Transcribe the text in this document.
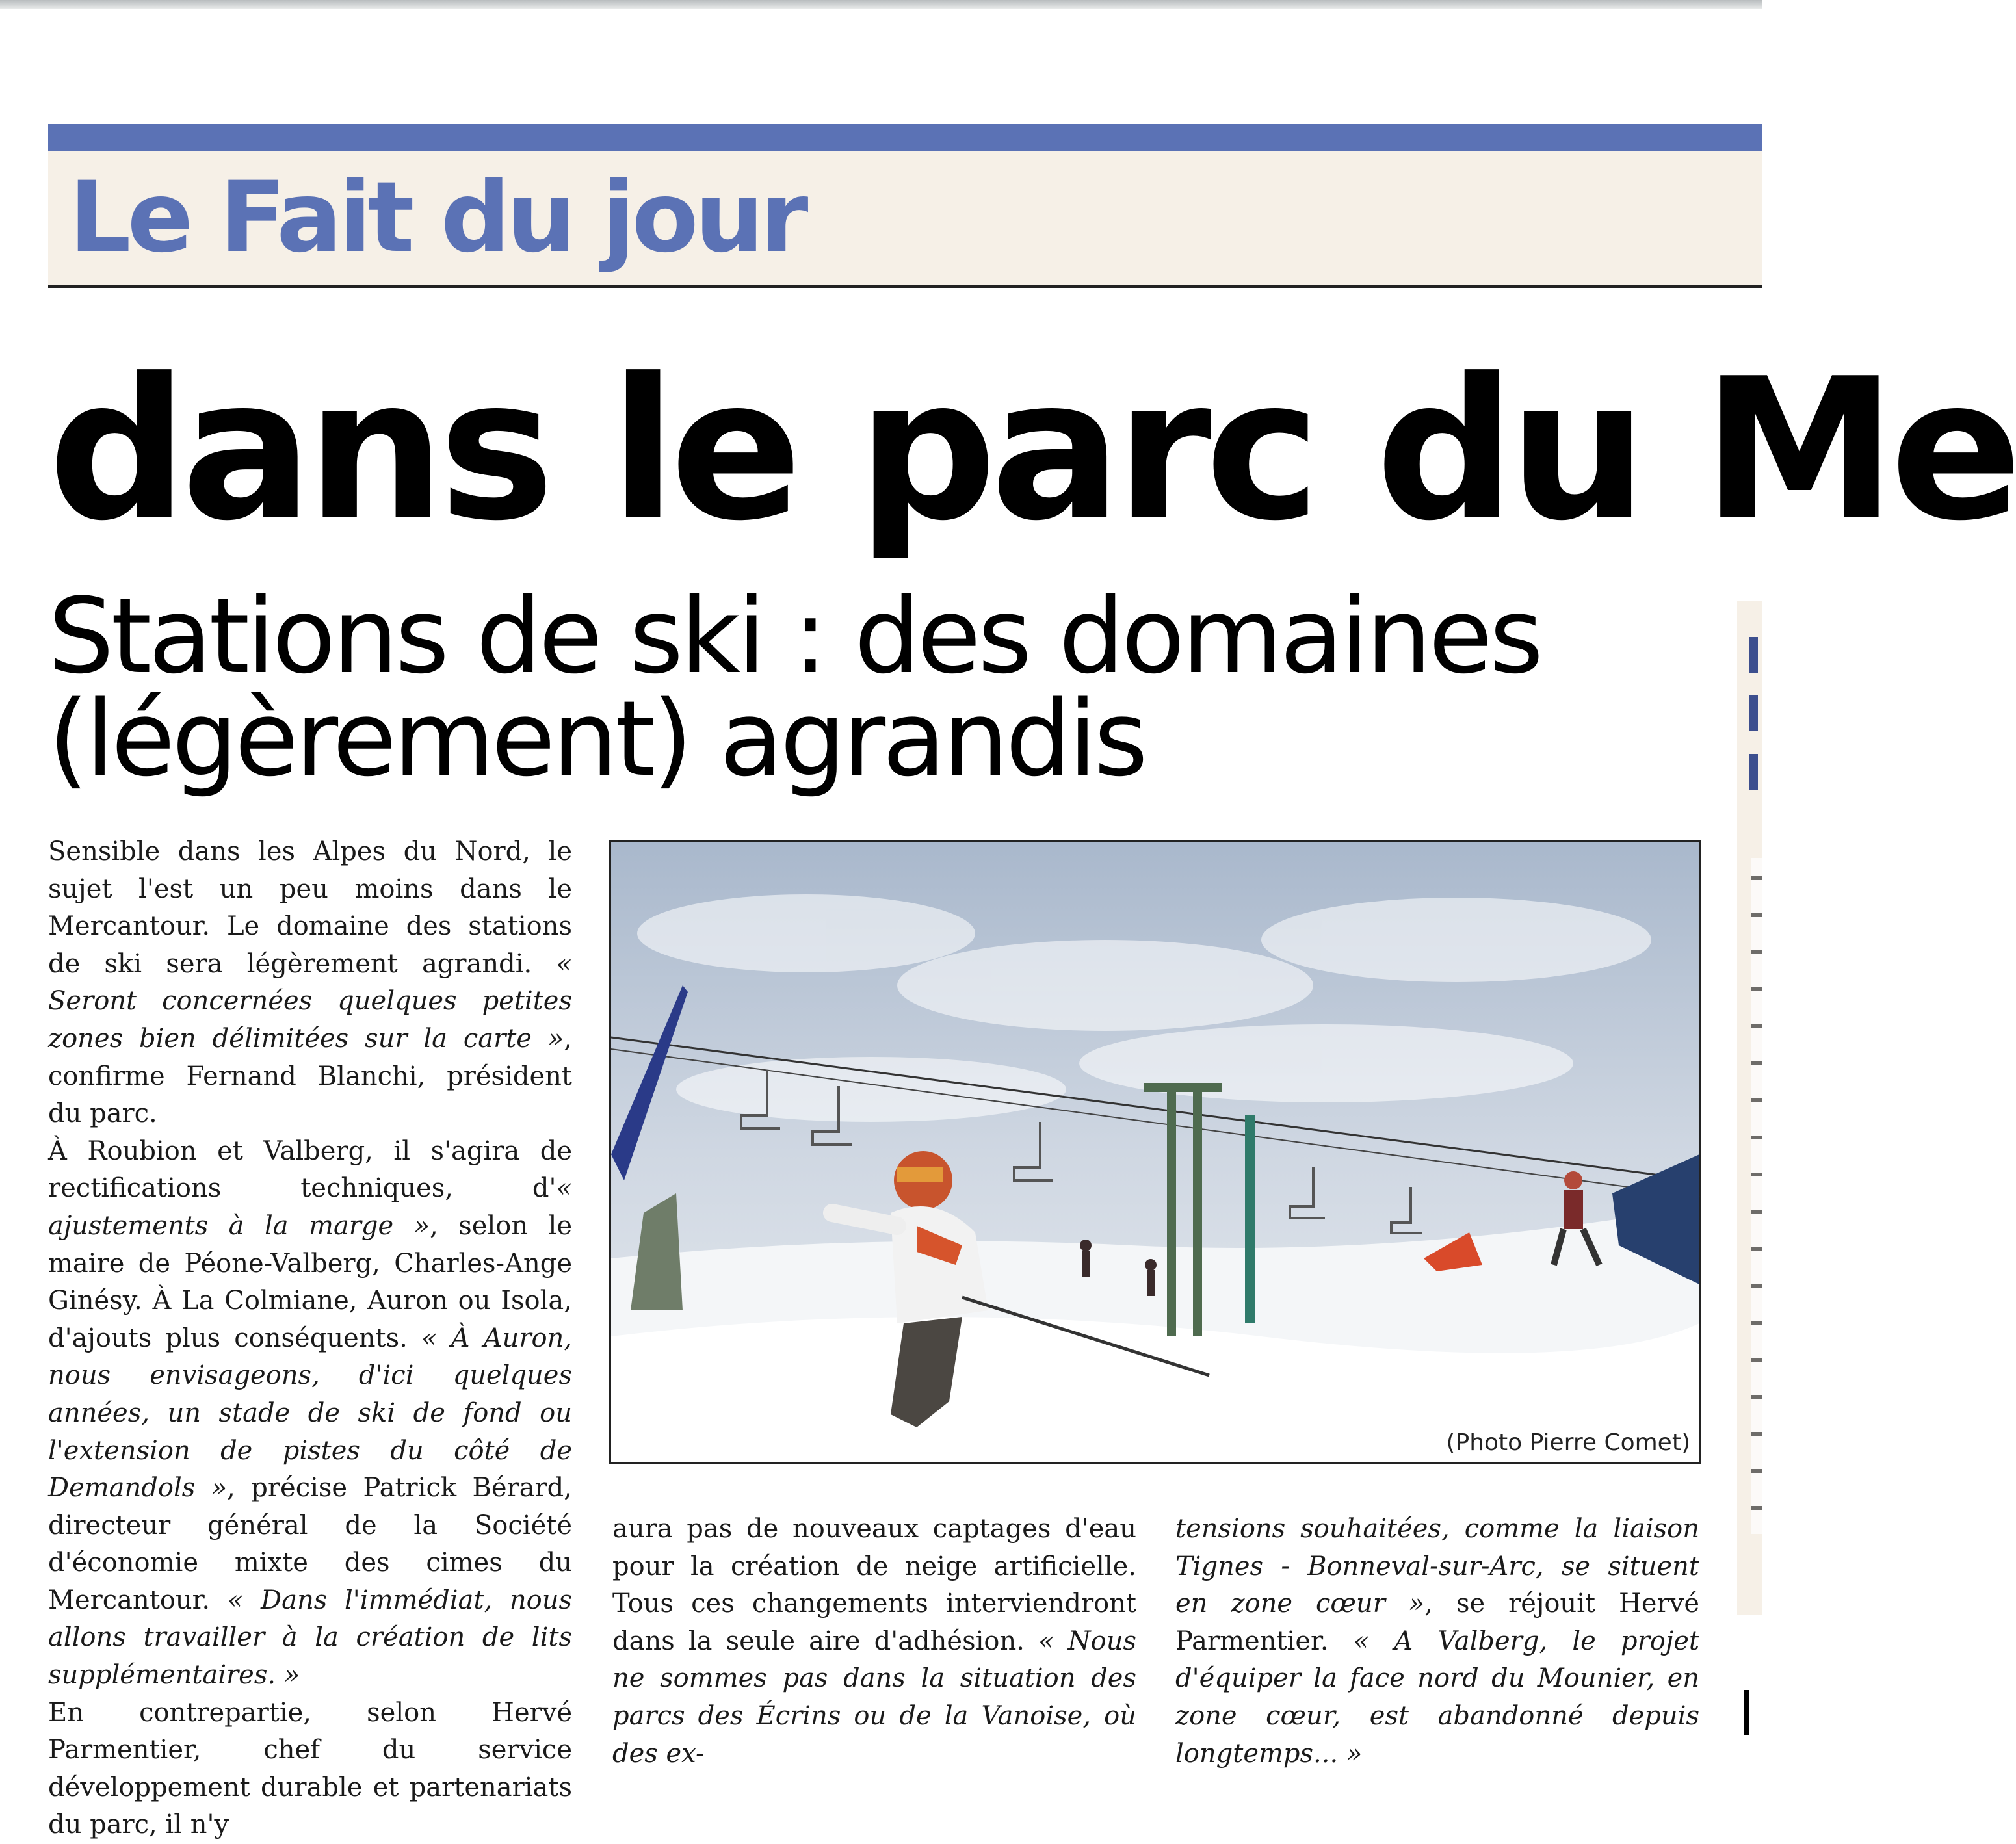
Le Fait du jour
dans le parc du Me
Stations de ski : des domaines (légèrement) agrandis

Sensible dans les Alpes du Nord, le sujet l'est un peu moins dans le Mercantour. Le domaine des stations de ski sera légèrement agrandi. « Seront concernées quelques petites zones bien délimitées sur la carte », confirme Fernand Blanchi, président du parc.

À Roubion et Valberg, il s'agira de rectifications techniques, d'« ajustements à la marge », selon le maire de Péone-Valberg, Charles-Ange Ginésy. À La Colmiane, Auron ou Isola, d'ajouts plus conséquents. « À Auron, nous envisageons, d'ici quelques années, un stade de ski de fond ou l'extension de pistes du côté de Demandols », précise Patrick Bérard, directeur général de la Société d'économie mixte des cimes du Mercantour. « Dans l'immédiat, nous allons travailler à la création de lits supplémentaires. »

En contrepartie, selon Hervé Parmentier, chef du service développement durable et partenariats du parc, il n'y

(Photo Pierre Comet)

aura pas de nouveaux captages d'eau pour la création de neige artificielle. Tous ces changements interviendront dans la seule aire d'adhésion. « Nous ne sommes pas dans la situation des parcs des Écrins ou de la Vanoise, où des ex-

tensions souhaitées, comme la liaison Tignes - Bonneval-sur-Arc, se situent en zone cœur », se réjouit Hervé Parmentier. « A Valberg, le projet d'équiper la face nord du Mounier, en zone cœur, est abandonné depuis longtemps... »
